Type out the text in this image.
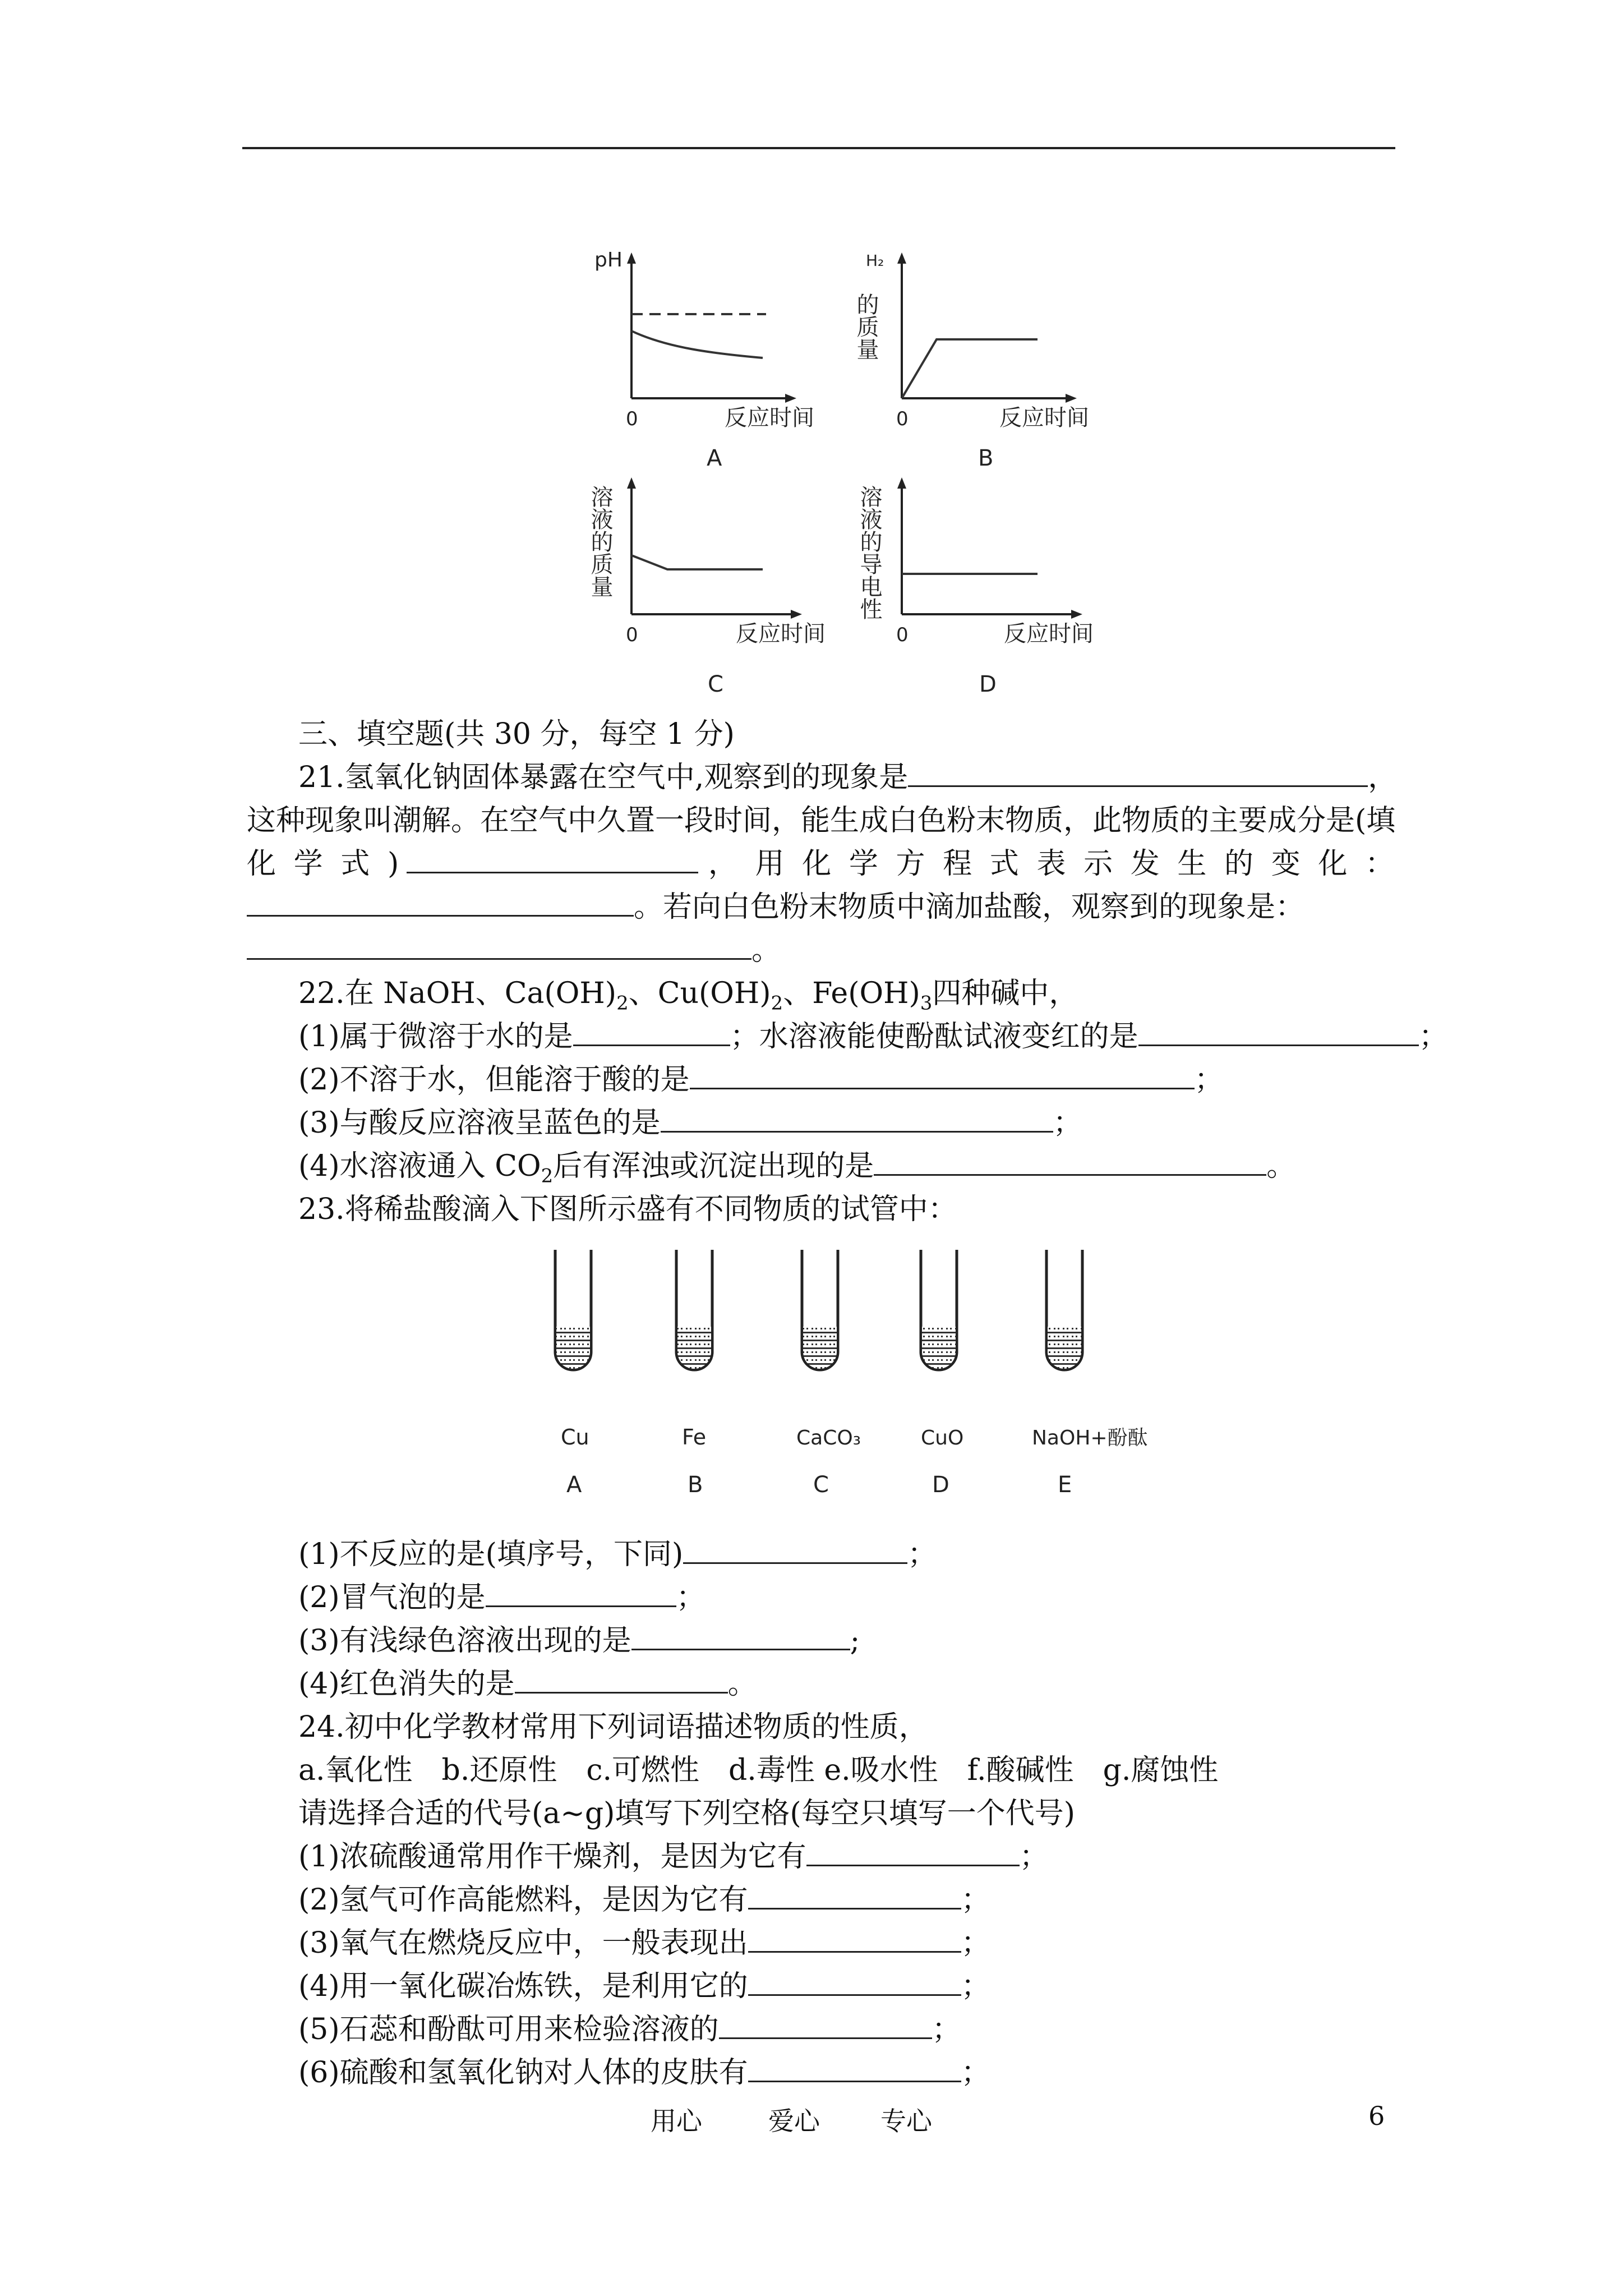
pH
0	反应时间
A
H₂
的质量
0	反应时间
B
溶液的质量
0	反应时间
C
溶液的导电性
0	反应时间
D
三、填空题(共 30 分，每空 1 分)
21.氢氧化钠固体暴露在空气中,观察到的现象是	，
这种现象叫潮解。在空气中久置一段时间，能生成白色粉末物质，此物质的主要成分是(填
化学式)	，用化学方程式表示发生的变化：
。若向白色粉末物质中滴加盐酸，观察到的现象是：
。
22.在 NaOH、$Ca(OH)_2$、$Cu(OH)_2$、$Fe(OH)_3$四种碱中，
(1)属于微溶于水的是	；水溶液能使酚酞试液变红的是	；
(2)不溶于水，但能溶于酸的是	；
(3)与酸反应溶液呈蓝色的是	；
(4)水溶液通入 $CO_2$后有浑浊或沉淀出现的是	。
23.将稀盐酸滴入下图所示盛有不同物质的试管中：
Cu	Fe	CaCO₃	CuO	NaOH+酚酞
A	B	C	D	E
(1)不反应的是(填序号，下同)	；
(2)冒气泡的是	；
(3)有浅绿色溶液出现的是	;
(4)红色消失的是	。
24.初中化学教材常用下列词语描述物质的性质，
a.氧化性　b.还原性　c.可燃性　d.毒性 e.吸水性　f.酸碱性　g.腐蚀性
请选择合适的代号(a~g)填写下列空格(每空只填写一个代号)
(1)浓硫酸通常用作干燥剂，是因为它有	；
(2)氢气可作高能燃料，是因为它有	；
(3)氧气在燃烧反应中，一般表现出	；
(4)用一氧化碳冶炼铁，是利用它的	；
(5)石蕊和酚酞可用来检验溶液的	；
(6)硫酸和氢氧化钠对人体的皮肤有	；
用心	爱心 专心	6
